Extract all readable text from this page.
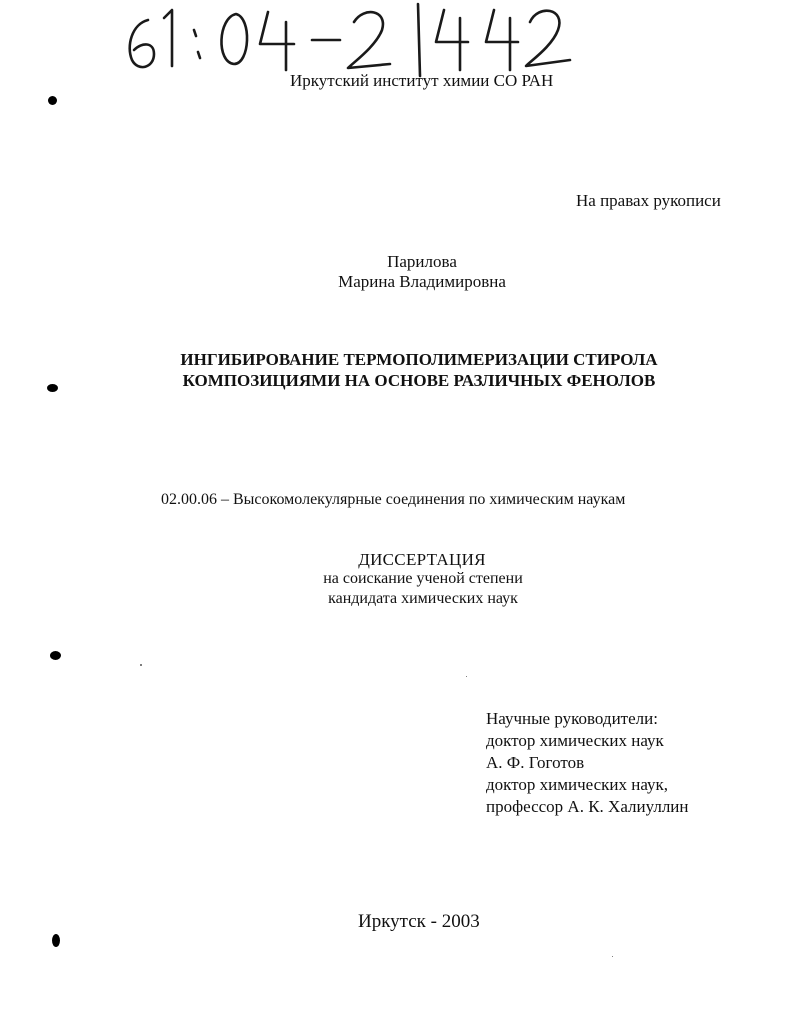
Иркутский институт химии СО РАН
На правах рукописи
Парилова
Марина Владимировна
ИНГИБИРОВАНИЕ ТЕРМОПОЛИМЕРИЗАЦИИ СТИРОЛА
КОМПОЗИЦИЯМИ НА ОСНОВЕ РАЗЛИЧНЫХ ФЕНОЛОВ
02.00.06 – Высокомолекулярные соединения по химическим наукам
ДИССЕРТАЦИЯ
на соискание ученой степени
кандидата химических наук
Научные руководители:
доктор химических наук
А. Ф. Гоготов
доктор химических наук,
профессор А. К. Халиуллин
Иркутск - 2003
